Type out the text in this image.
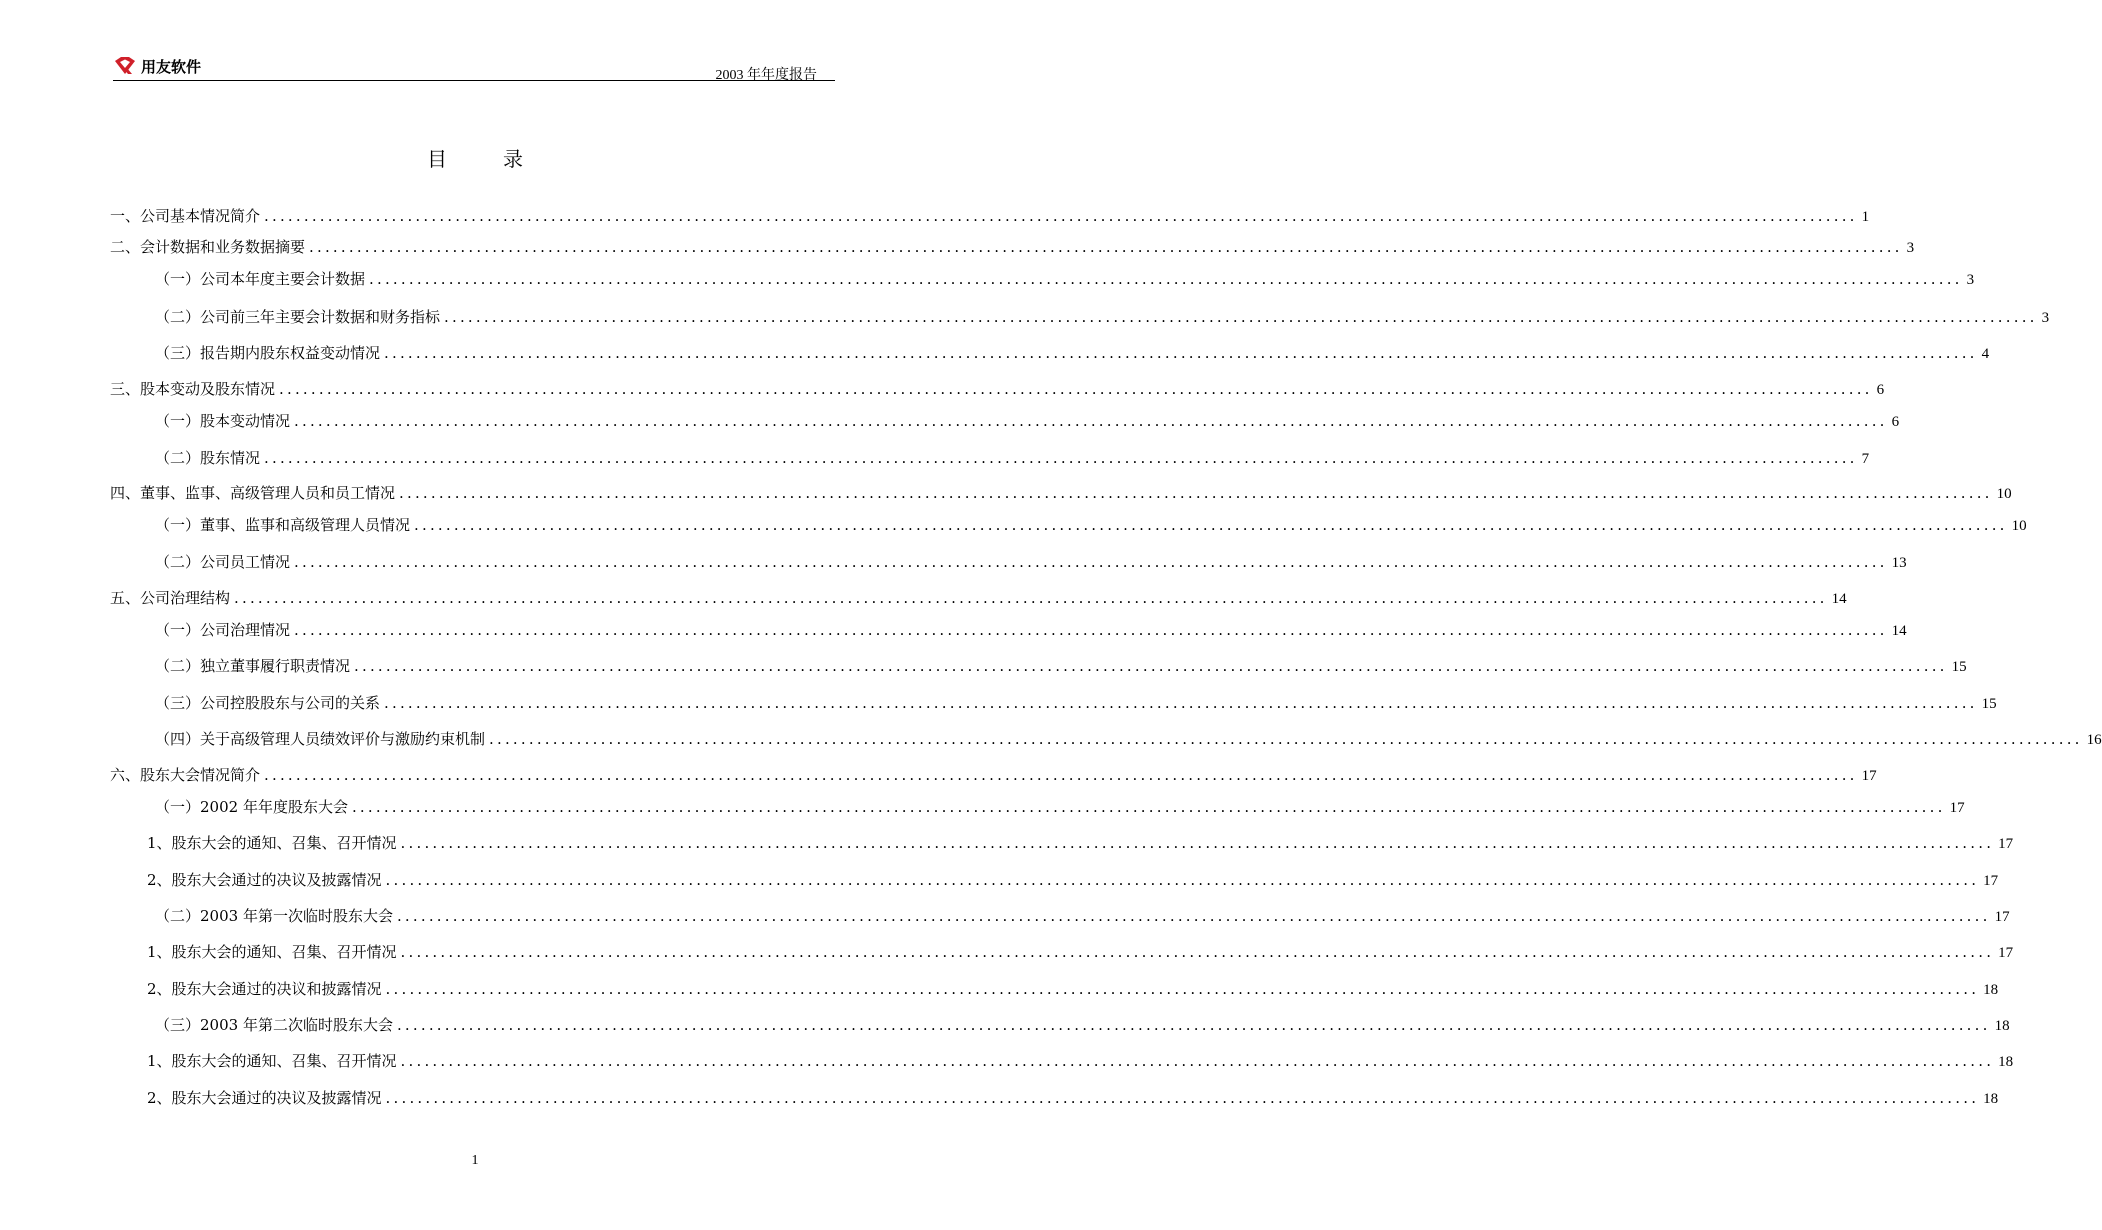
用友软件	2003 年年度报告
目录
一、公司基本情况简介 ........................................................................................................................................................................................................ 1
二、会计数据和业务数据摘要 ........................................................................................................................................................................................................ 3
（一）公司本年度主要会计数据 ........................................................................................................................................................................................................ 3
（二）公司前三年主要会计数据和财务指标 ........................................................................................................................................................................................................ 3
（三）报告期内股东权益变动情况 ........................................................................................................................................................................................................ 4
三、股本变动及股东情况 ........................................................................................................................................................................................................ 6
（一）股本变动情况 ........................................................................................................................................................................................................ 6
（二）股东情况 ........................................................................................................................................................................................................ 7
四、董事、监事、高级管理人员和员工情况 ........................................................................................................................................................................................................ 10
（一）董事、监事和高级管理人员情况 ........................................................................................................................................................................................................ 10
（二）公司员工情况 ........................................................................................................................................................................................................ 13
五、公司治理结构 ........................................................................................................................................................................................................ 14
（一）公司治理情况 ........................................................................................................................................................................................................ 14
（二）独立董事履行职责情况 ........................................................................................................................................................................................................ 15
（三）公司控股股东与公司的关系 ........................................................................................................................................................................................................ 15
（四）关于高级管理人员绩效评价与激励约束机制 ........................................................................................................................................................................................................ 16
六、股东大会情况简介 ........................................................................................................................................................................................................ 17
（一）2002 年年度股东大会 ........................................................................................................................................................................................................ 17
1、股东大会的通知、召集、召开情况 ........................................................................................................................................................................................................ 17
2、股东大会通过的决议及披露情况 ........................................................................................................................................................................................................ 17
（二）2003 年第一次临时股东大会 ........................................................................................................................................................................................................ 17
1、股东大会的通知、召集、召开情况 ........................................................................................................................................................................................................ 17
2、股东大会通过的决议和披露情况 ........................................................................................................................................................................................................ 18
（三）2003 年第二次临时股东大会 ........................................................................................................................................................................................................ 18
1、股东大会的通知、召集、召开情况 ........................................................................................................................................................................................................ 18
2、股东大会通过的决议及披露情况 ........................................................................................................................................................................................................ 18
1
